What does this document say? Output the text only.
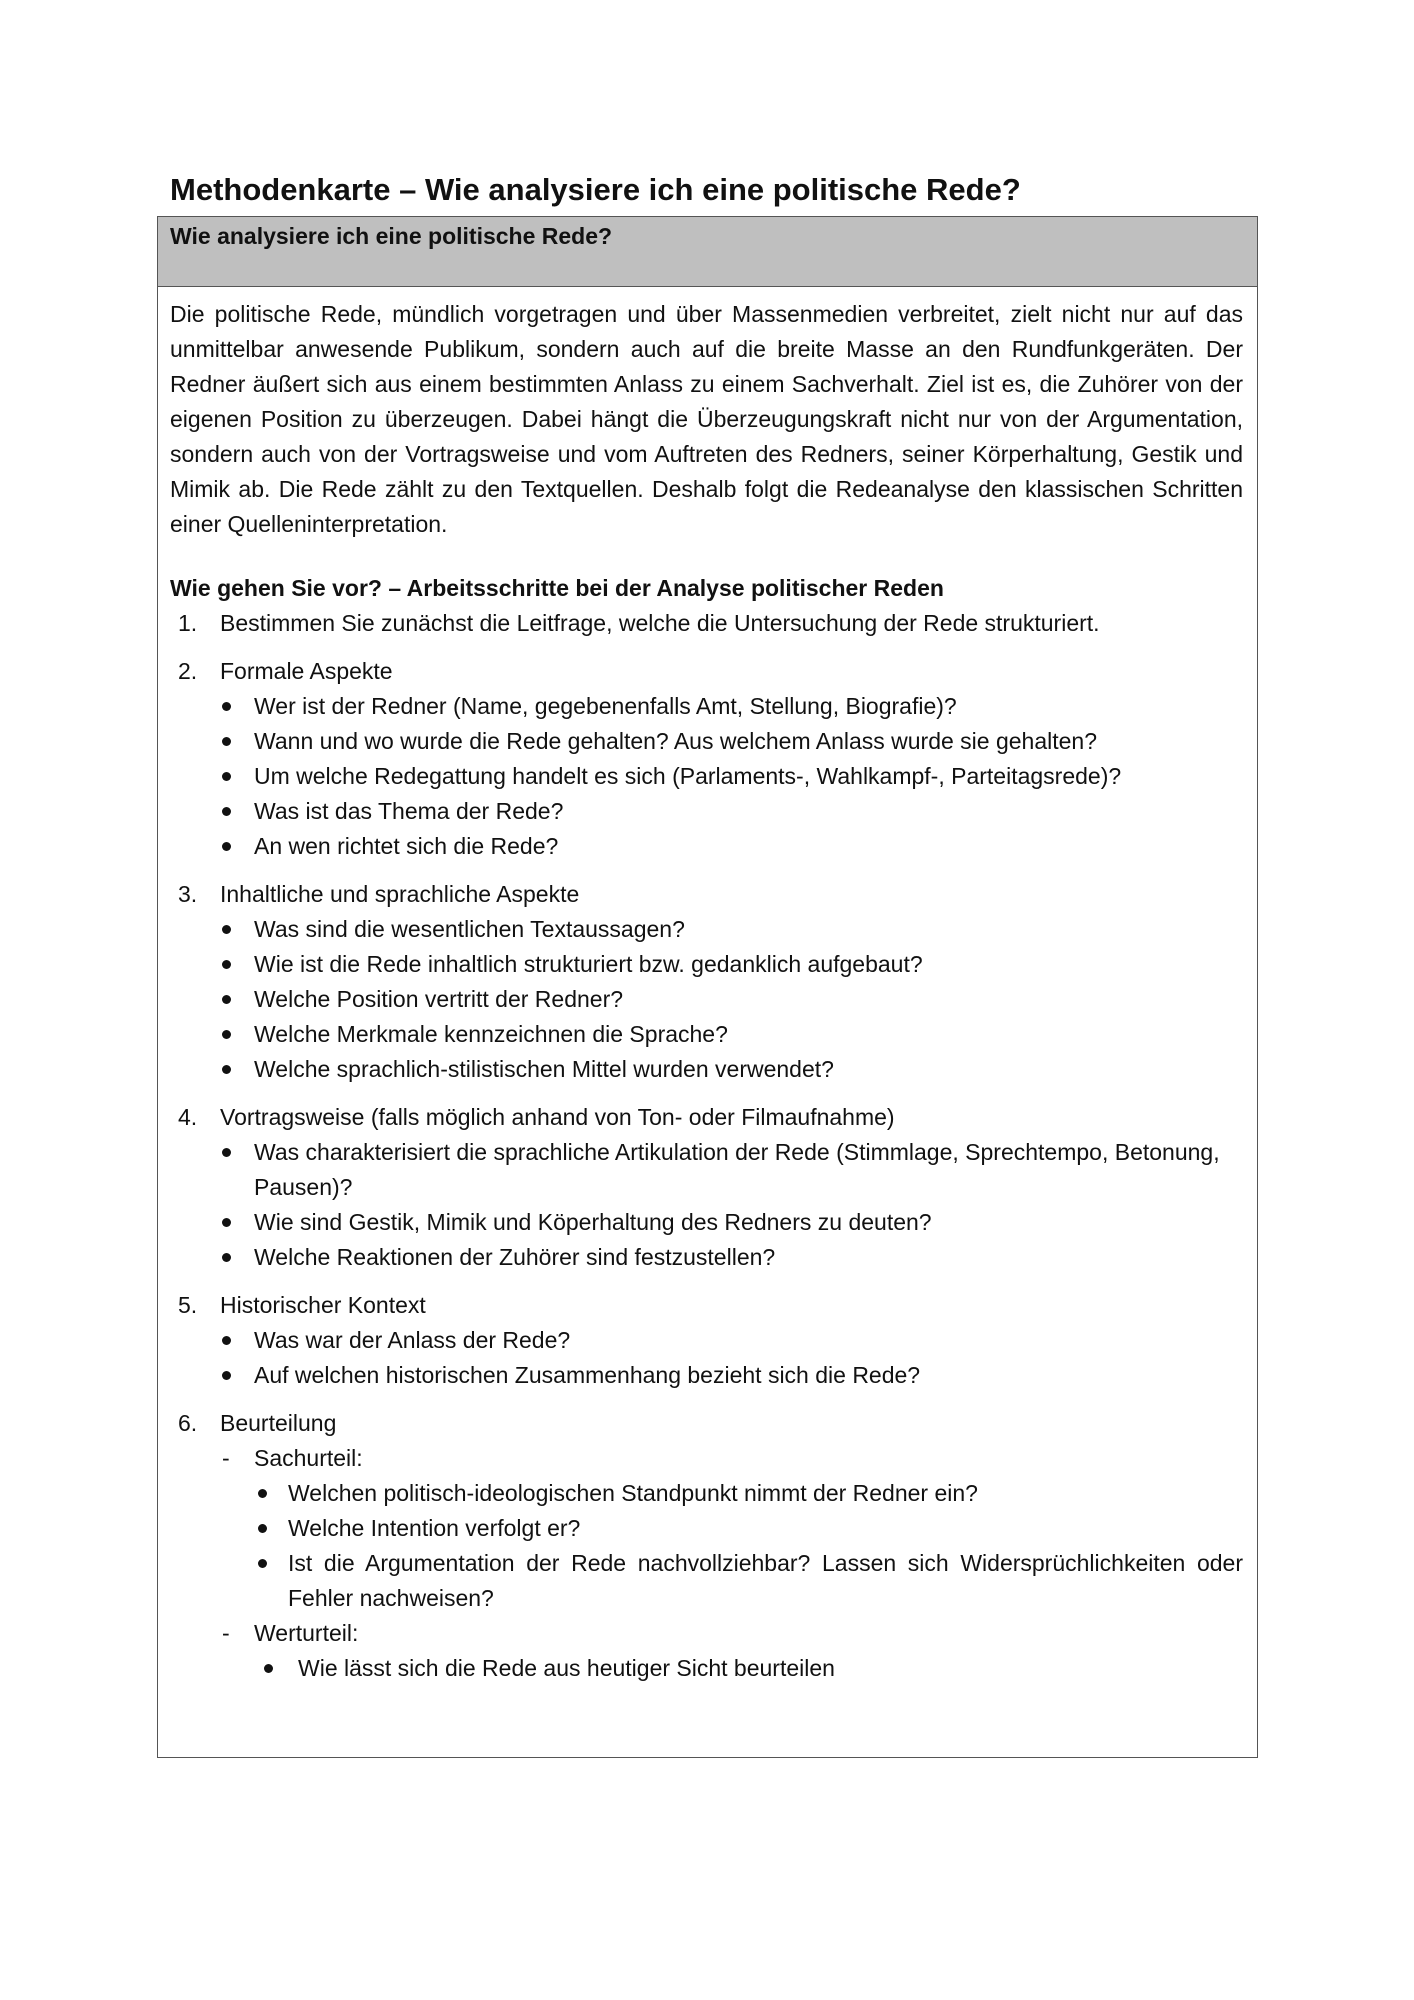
Methodenkarte – Wie analysiere ich eine politische Rede?
Wie analysiere ich eine politische Rede?

Die politische Rede, mündlich vorgetragen und über Massenmedien verbreitet, zielt nicht nur auf das unmittelbar anwesende Publikum, sondern auch auf die breite Masse an den Rundfunkgeräten. Der Redner äußert sich aus einem bestimmten Anlass zu einem Sachverhalt. Ziel ist es, die Zuhörer von der eigenen Position zu überzeugen. Dabei hängt die Überzeugungskraft nicht nur von der Argumentation, sondern auch von der Vortragsweise und vom Auftreten des Redners, seiner Körperhaltung, Gestik und Mimik ab. Die Rede zählt zu den Textquellen. Deshalb folgt die Redeanalyse den klassischen Schritten einer Quelleninterpretation.

Wie gehen Sie vor? – Arbeitsschritte bei der Analyse politischer Reden
1. Bestimmen Sie zunächst die Leitfrage, welche die Untersuchung der Rede strukturiert.
2. Formale Aspekte
Wer ist der Redner (Name, gegebenenfalls Amt, Stellung, Biografie)?
Wann und wo wurde die Rede gehalten? Aus welchem Anlass wurde sie gehalten?
Um welche Redegattung handelt es sich (Parlaments-, Wahlkampf-, Parteitagsrede)?
Was ist das Thema der Rede?
An wen richtet sich die Rede?
3. Inhaltliche und sprachliche Aspekte
Was sind die wesentlichen Textaussagen?
Wie ist die Rede inhaltlich strukturiert bzw. gedanklich aufgebaut?
Welche Position vertritt der Redner?
Welche Merkmale kennzeichnen die Sprache?
Welche sprachlich-stilistischen Mittel wurden verwendet?
4. Vortragsweise (falls möglich anhand von Ton- oder Filmaufnahme)
Was charakterisiert die sprachliche Artikulation der Rede (Stimmlage, Sprechtempo, Betonung, Pausen)?
Wie sind Gestik, Mimik und Köperhaltung des Redners zu deuten?
Welche Reaktionen der Zuhörer sind festzustellen?
5. Historischer Kontext
Was war der Anlass der Rede?
Auf welchen historischen Zusammenhang bezieht sich die Rede?
6. Beurteilung
- Sachurteil:
Welchen politisch-ideologischen Standpunkt nimmt der Redner ein?
Welche Intention verfolgt er?
Ist die Argumentation der Rede nachvollziehbar? Lassen sich Widersprüchlichkeiten oder Fehler nachweisen?
- Werturteil:
Wie lässt sich die Rede aus heutiger Sicht beurteilen
